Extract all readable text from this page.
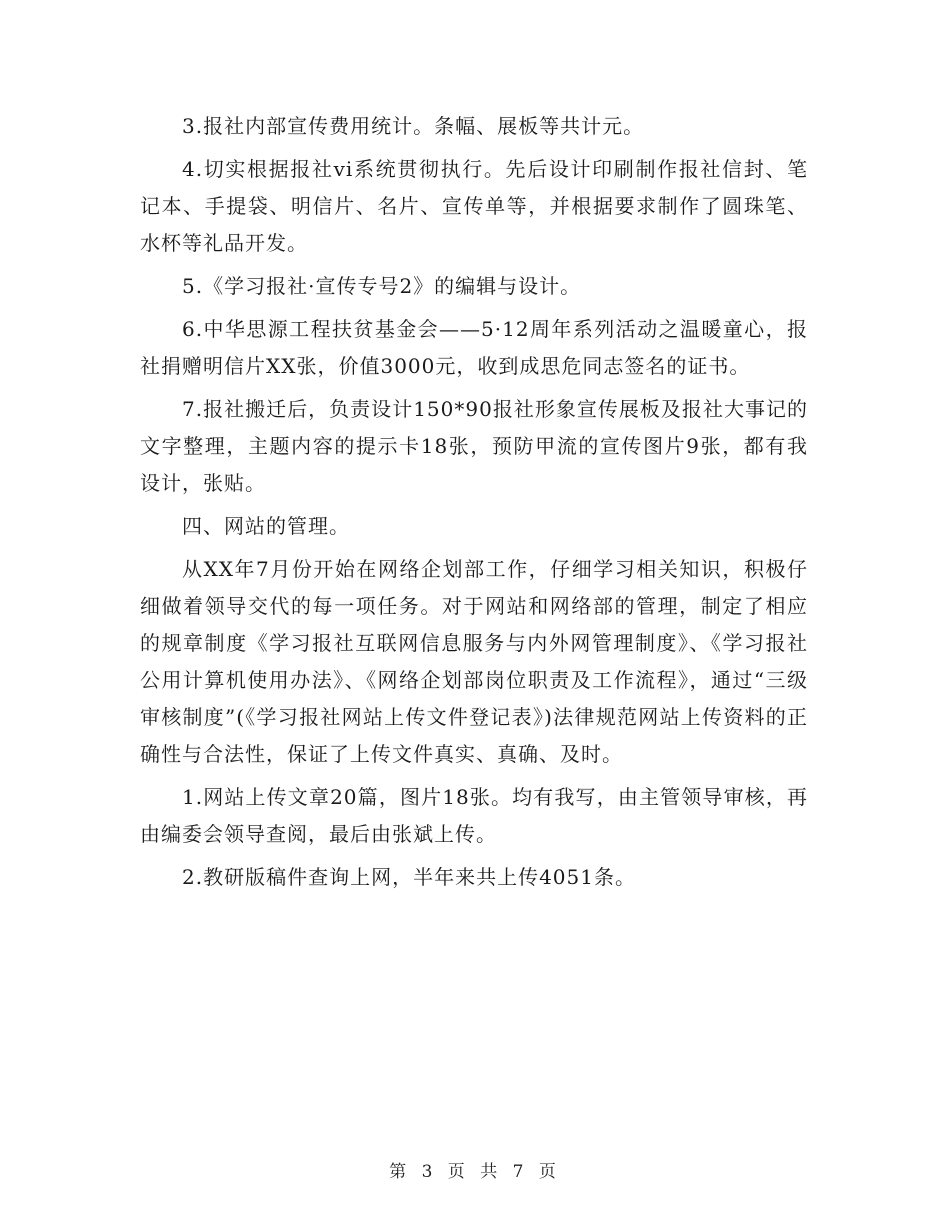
3.报社内部宣传费用统计。条幅、展板等共计元。

4.切实根据报社vi系统贯彻执行。先后设计印刷制作报社信封、笔记本、手提袋、明信片、名片、宣传单等，并根据要求制作了圆珠笔、水杯等礼品开发。

5.《学习报社·宣传专号2》的编辑与设计。

6.中华思源工程扶贫基金会——5·12周年系列活动之温暖童心，报社捐赠明信片XX张，价值3000元，收到成思危同志签名的证书。

7.报社搬迁后，负责设计150*90报社形象宣传展板及报社大事记的文字整理，主题内容的提示卡18张，预防甲流的宣传图片9张，都有我设计，张贴。

四、网站的管理。

从XX年7月份开始在网络企划部工作，仔细学习相关知识，积极仔细做着领导交代的每一项任务。对于网站和网络部的管理，制定了相应的规章制度《学习报社互联网信息服务与内外网管理制度》、《学习报社公用计算机使用办法》、《网络企划部岗位职责及工作流程》，通过“三级审核制度”(《学习报社网站上传文件登记表》)法律规范网站上传资料的正确性与合法性，保证了上传文件真实、真确、及时。

1.网站上传文章20篇，图片18张。均有我写，由主管领导审核，再由编委会领导查阅，最后由张斌上传。

2.教研版稿件查询上网，半年来共上传4051条。

第 3 页 共 7 页
